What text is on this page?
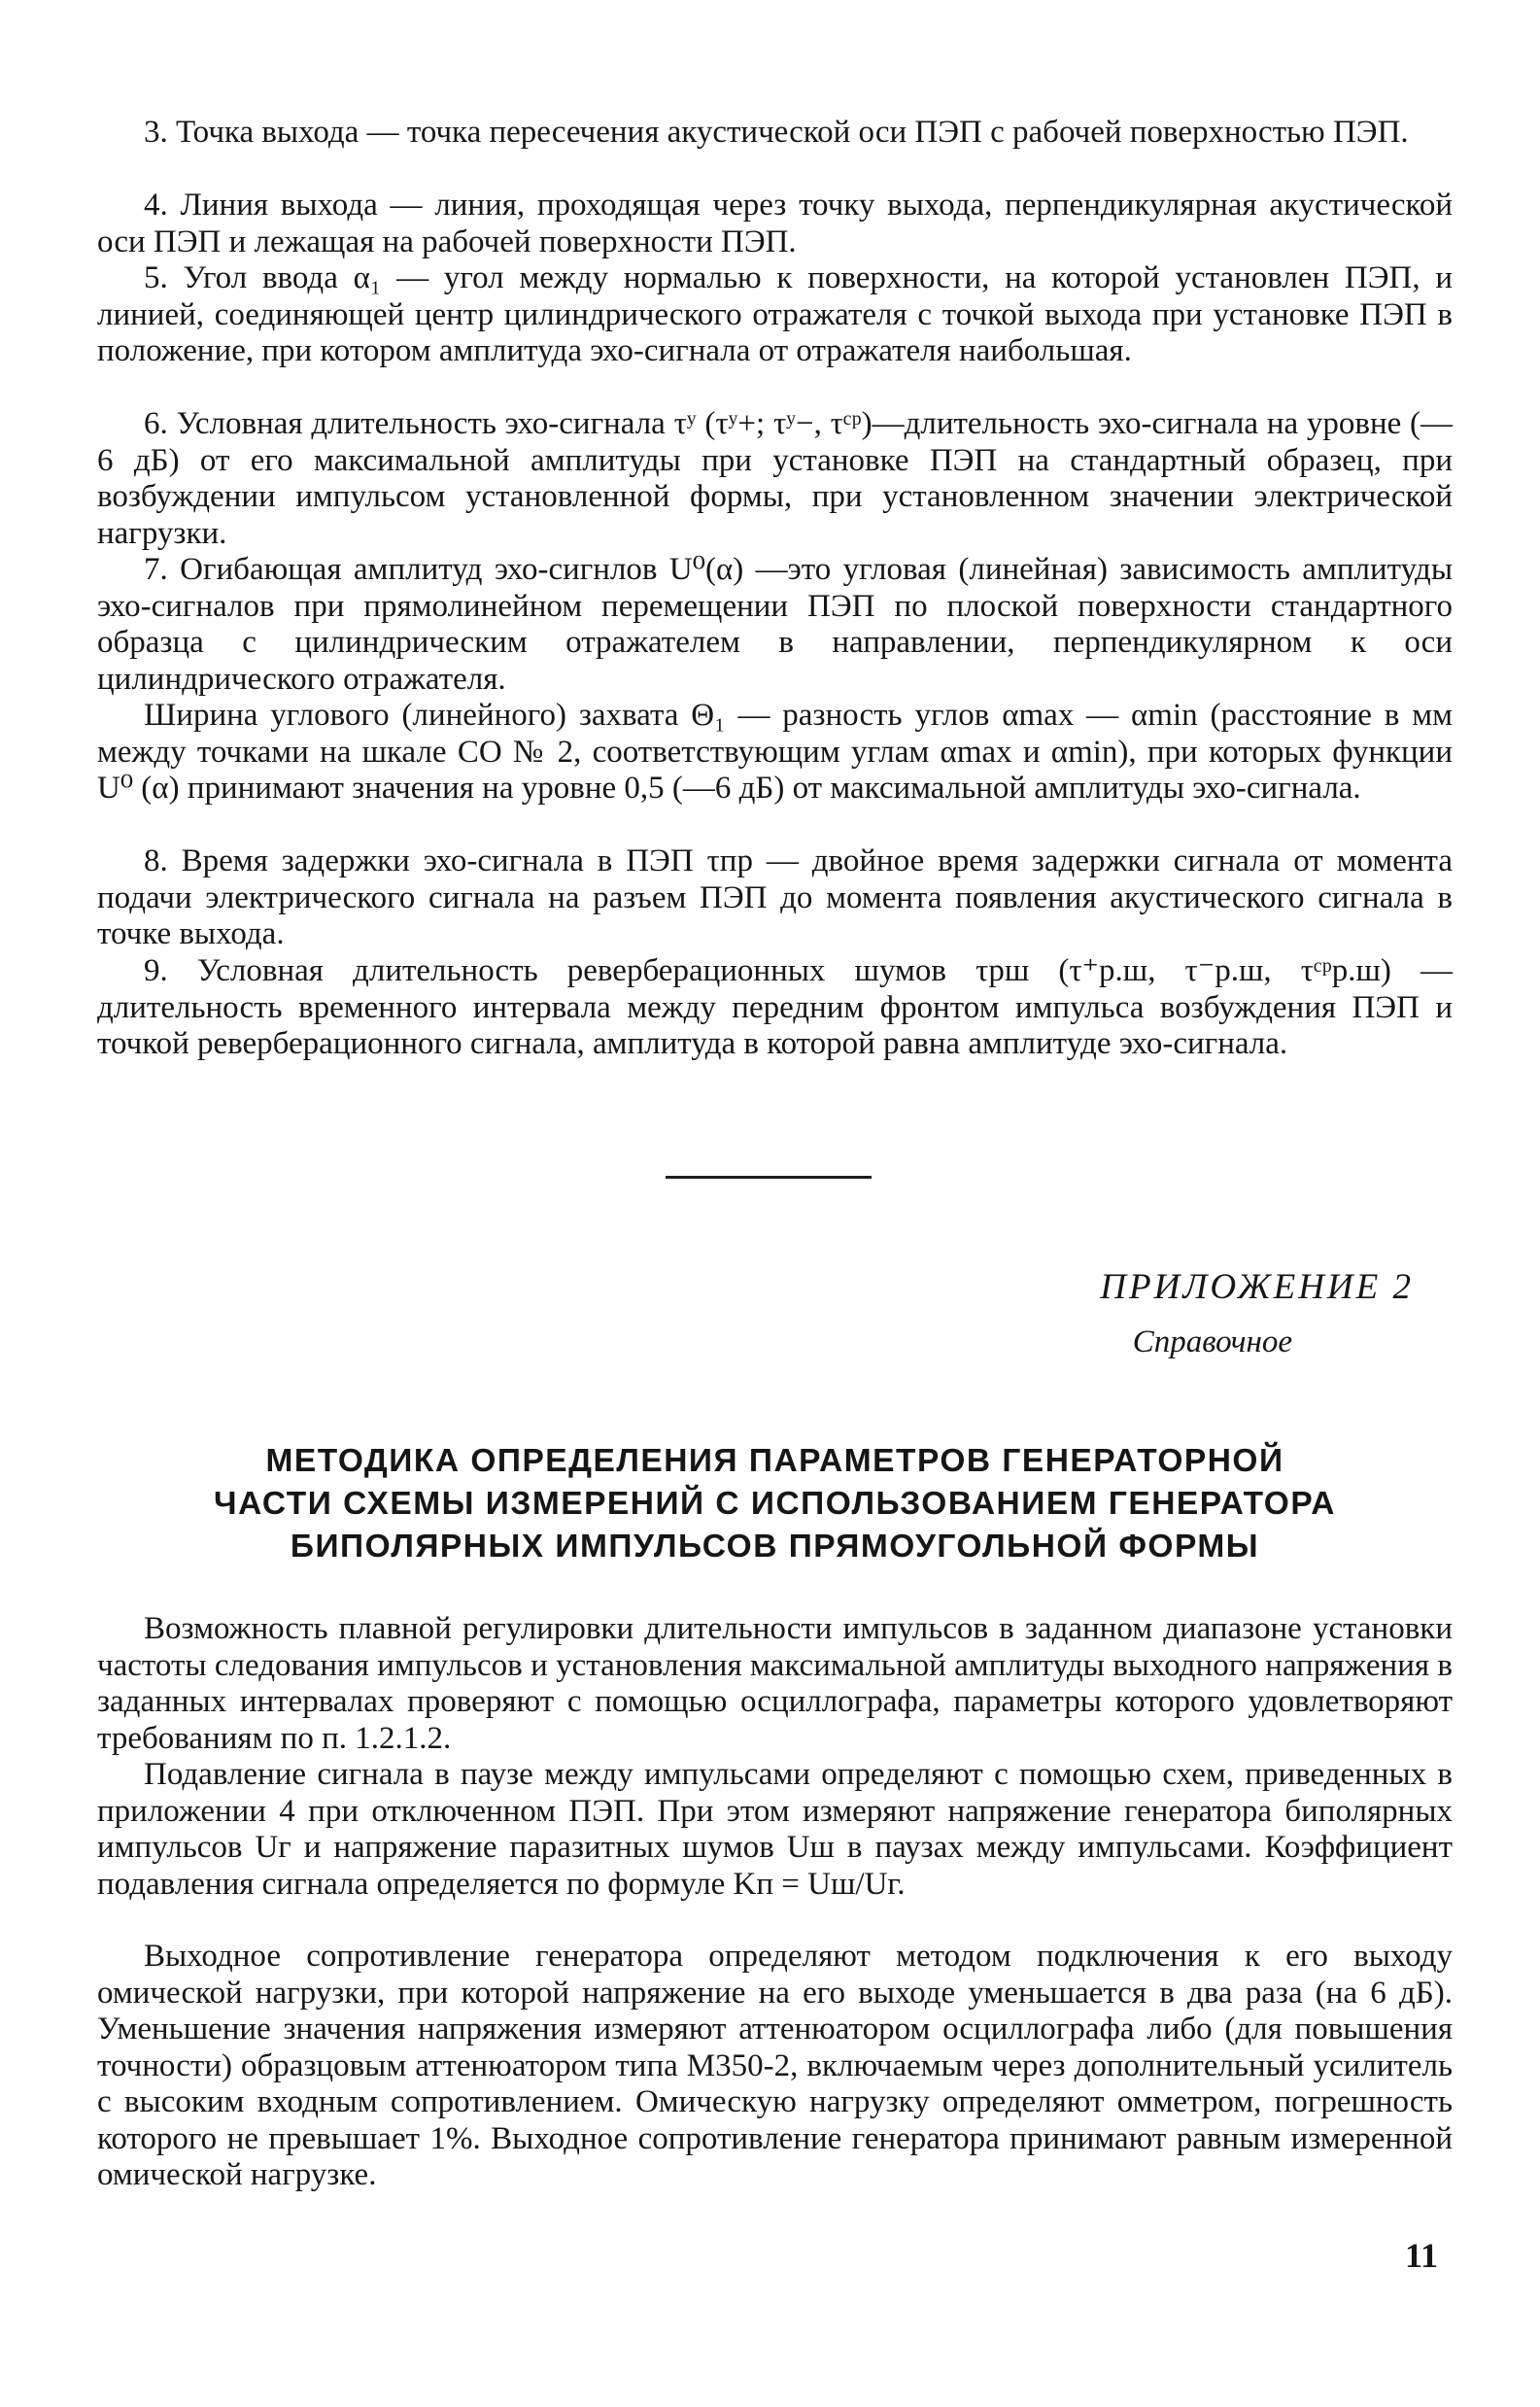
3. Точка выхода — точка пересечения акустической оси ПЭП с рабочей поверхностью ПЭП.

4. Линия выхода — линия, проходящая через точку выхода, перпендикулярная акустической оси ПЭП и лежащая на рабочей поверхности ПЭП.

5. Угол ввода α₁ — угол между нормалью к поверхности, на которой установлен ПЭП, и линией, соединяющей центр цилиндрического отражателя с точкой выхода при установке ПЭП в положение, при котором амплитуда эхо-сигнала от отражателя наибольшая.

6. Условная длительность эхо-сигнала τʸ (τʸ+; τʸ−, τᶜᵖ)—длительность эхо-сигнала на уровне (—6 дБ) от его максимальной амплитуды при установке ПЭП на стандартный образец, при возбуждении импульсом установленной формы, при установленном значении электрической нагрузки.

7. Огибающая амплитуд эхо-сигнлов U⁰(α) —это угловая (линейная) зависимость амплитуды эхо-сигналов при прямолинейном перемещении ПЭП по плоской поверхности стандартного образца с цилиндрическим отражателем в направлении, перпендикулярном к оси цилиндрического отражателя.

Ширина углового (линейного) захвата Θ₁ — разность углов αmax — αmin (расстояние в мм между точками на шкале СО № 2, соответствующим углам αmax и αmin), при которых функции U⁰ (α) принимают значения на уровне 0,5 (—6 дБ) от максимальной амплитуды эхо-сигнала.

8. Время задержки эхо-сигнала в ПЭП τпр — двойное время задержки сигнала от момента подачи электрического сигнала на разъем ПЭП до момента появления акустического сигнала в точке выхода.

9. Условная длительность реверберационных шумов τрш (τ⁺р.ш, τ⁻р.ш, τᶜᵖр.ш) — длительность временного интервала между передним фронтом импульса возбуждения ПЭП и точкой реверберационного сигнала, амплитуда в которой равна амплитуде эхо-сигнала.

ПРИЛОЖЕНИЕ 2

Справочное

МЕТОДИКА ОПРЕДЕЛЕНИЯ ПАРАМЕТРОВ ГЕНЕРАТОРНОЙ
ЧАСТИ СХЕМЫ ИЗМЕРЕНИЙ С ИСПОЛЬЗОВАНИЕМ ГЕНЕРАТОРА
БИПОЛЯРНЫХ ИМПУЛЬСОВ ПРЯМОУГОЛЬНОЙ ФОРМЫ

Возможность плавной регулировки длительности импульсов в заданном диапазоне установки частоты следования импульсов и установления максимальной амплитуды выходного напряжения в заданных интервалах проверяют с помощью осциллографа, параметры которого удовлетворяют требованиям по п. 1.2.1.2.

Подавление сигнала в паузе между импульсами определяют с помощью схем, приведенных в приложении 4 при отключенном ПЭП. При этом измеряют напряжение генератора биполярных импульсов Uг и напряжение паразитных шумов Uш в паузах между импульсами. Коэффициент подавления сигнала определяется по формуле Kп = Uш/Uг.

Выходное сопротивление генератора определяют методом подключения к его выходу омической нагрузки, при которой напряжение на его выходе уменьшается в два раза (на 6 дБ). Уменьшение значения напряжения измеряют аттенюатором осциллографа либо (для повышения точности) образцовым аттенюатором типа М350-2, включаемым через дополнительный усилитель с высоким входным сопротивлением. Омическую нагрузку определяют омметром, погрешность которого не превышает 1%. Выходное сопротивление генератора принимают равным измеренной омической нагрузке.

11
